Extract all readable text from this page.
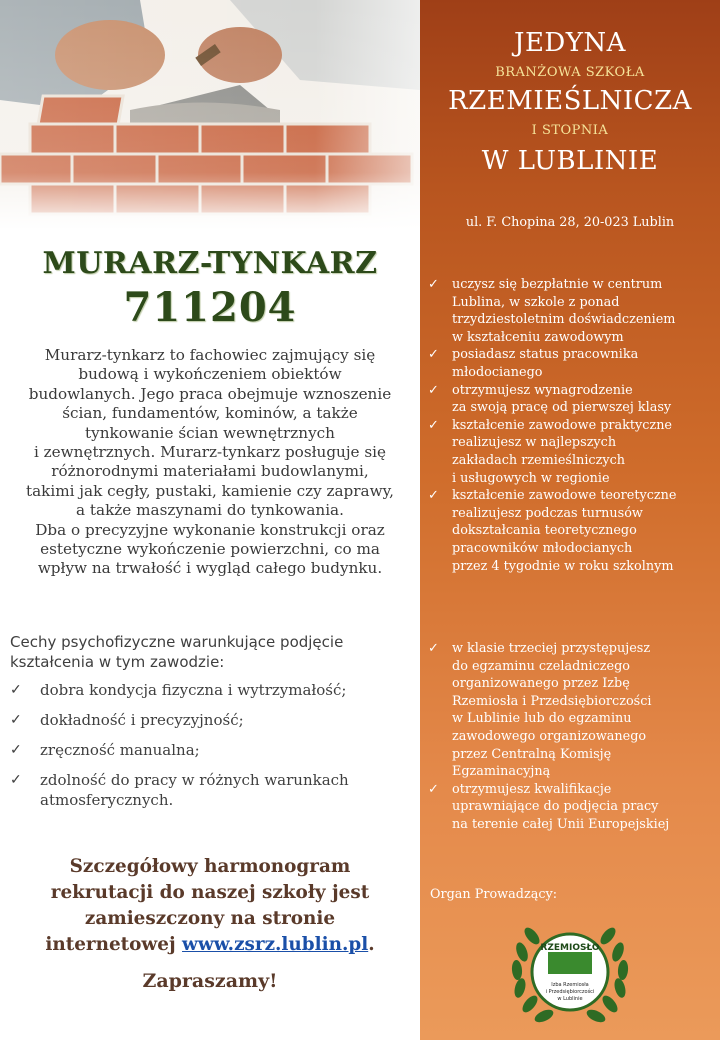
MURARZ-TYNKARZ
711204

Murarz-tynkarz to fachowiec zajmujący się

budową i wykończeniem obiektów

budowlanych. Jego praca obejmuje wznoszenie

ścian, fundamentów, kominów, a także

tynkowanie ścian wewnętrznych

i zewnętrznych. Murarz-tynkarz posługuje się

różnorodnymi materiałami budowlanymi,

takimi jak cegły, pustaki, kamienie czy zaprawy,

a także maszynami do tynkowania.

Dba o precyzyjne wykonanie konstrukcji oraz

estetyczne wykończenie powierzchni, co ma

wpływ na trwałość i wygląd całego budynku.

Cechy psychofizyczne warunkujące podjęcie
kształcenia w tym zawodzie:
✓ dobra kondycja fizyczna i wytrzymałość;
✓ dokładność i precyzyjność;
✓ zręczność manualna;
✓ zdolność do pracy w różnych warunkach atmosferycznych.
Szczegółowy harmonogram
rekrutacji do naszej szkoły jest
zamieszczony na stronie
internetowej www.zsrz.lublin.pl.
Zapraszamy!
JEDYNA
BRANŻOWA SZKOŁA
RZEMIEŚLNICZA
I STOPNIA
W LUBLINIE
ul. F. Chopina 28, 20-023 Lublin
✓ uczysz się bezpłatnie w centrum
Lublina, w szkole z ponad
trzydziestoletnim doświadczeniem
w kształceniu zawodowym
✓ posiadasz status pracownika
młodocianego
✓ otrzymujesz wynagrodzenie
za swoją pracę od pierwszej klasy
✓ kształcenie zawodowe praktyczne
realizujesz w najlepszych
zakładach rzemieślniczych
i usługowych w regionie
✓ kształcenie zawodowe teoretyczne
realizujesz podczas turnusów
dokształcania teoretycznego
pracowników młodocianych
przez 4 tygodnie w roku szkolnym
✓ w klasie trzeciej przystępujesz
do egzaminu czeladniczego
organizowanego przez Izbę
Rzemiosła i Przedsiębiorczości
w Lublinie lub do egzaminu
zawodowego organizowanego
przez Centralną Komisję
Egzaminacyjną
✓ otrzymujesz kwalifikacje
uprawniające do podjęcia pracy
na terenie całej Unii Europejskiej
Organ Prowadzący:
RZEMIOSŁO
Izba Rzemiosła
i Przedsiębiorczości
w Lublinie
